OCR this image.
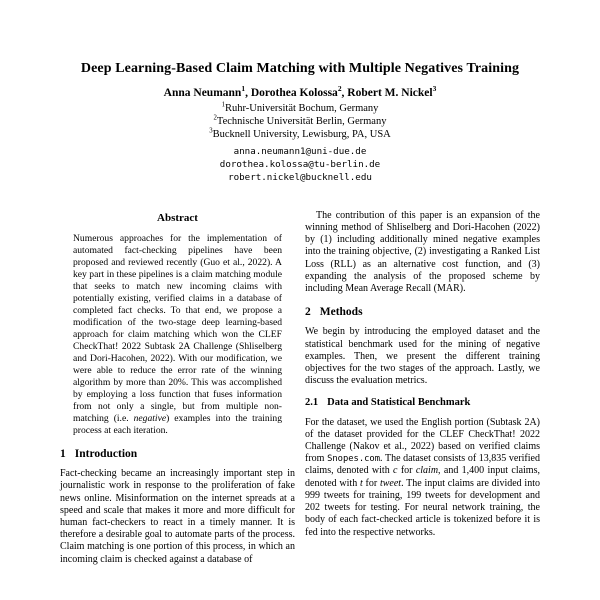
Deep Learning-Based Claim Matching with Multiple Negatives Training
Anna Neumann$^1$, Dorothea Kolossa$^2$, Robert M. Nickel$^3$
$^1$Ruhr-Universität Bochum, Germany
$^2$Technische Universität Berlin, Germany
$^3$Bucknell University, Lewisburg, PA, USA
anna.neumann1@uni-due.de
dorothea.kolossa@tu-berlin.de
robert.nickel@bucknell.edu
Abstract
Numerous approaches for the implementation of automated fact-checking pipelines have been proposed and reviewed recently (Guo et al., 2022). A key part in these pipelines is a claim matching module that seeks to match new incoming claims with potentially existing, verified claims in a database of completed fact checks. To that end, we propose a modification of the two-stage deep learning-based approach for claim matching which won the CLEF CheckThat! 2022 Subtask 2A Challenge (Shliselberg and Dori-Hacohen, 2022). With our modification, we were able to reduce the error rate of the winning algorithm by more than 20%. This was accomplished by employing a loss function that fuses information from not only a single, but from multiple non-matching (i.e. negative) examples into the training process at each iteration.
1 Introduction

Fact-checking became an increasingly important step in journalistic work in response to the proliferation of fake news online. Misinformation on the internet spreads at a speed and scale that makes it more and more difficult for human fact-checkers to react in a timely manner. It is therefore a desirable goal to automate parts of the process. Claim matching is one portion of this process, in which an incoming claim is checked against a database of

The contribution of this paper is an expansion of the winning method of Shliselberg and Dori-Hacohen (2022) by (1) including additionally mined negative examples into the training objective, (2) investigating a Ranked List Loss (RLL) as an alternative cost function, and (3) expanding the analysis of the proposed scheme by including Mean Average Recall (MAR).

2 Methods

We begin by introducing the employed dataset and the statistical benchmark used for the mining of negative examples. Then, we present the different training objectives for the two stages of the approach. Lastly, we discuss the evaluation metrics.

2.1 Data and Statistical Benchmark

For the dataset, we used the English portion (Subtask 2A) of the dataset provided for the CLEF CheckThat! 2022 Challenge (Nakov et al., 2022) based on verified claims from Snopes.com. The dataset consists of 13,835 verified claims, denoted with c for claim, and 1,400 input claims, denoted with t for tweet. The input claims are divided into 999 tweets for training, 199 tweets for development and 202 tweets for testing. For neural network training, the body of each fact-checked article is tokenized before it is fed into the respective networks.
